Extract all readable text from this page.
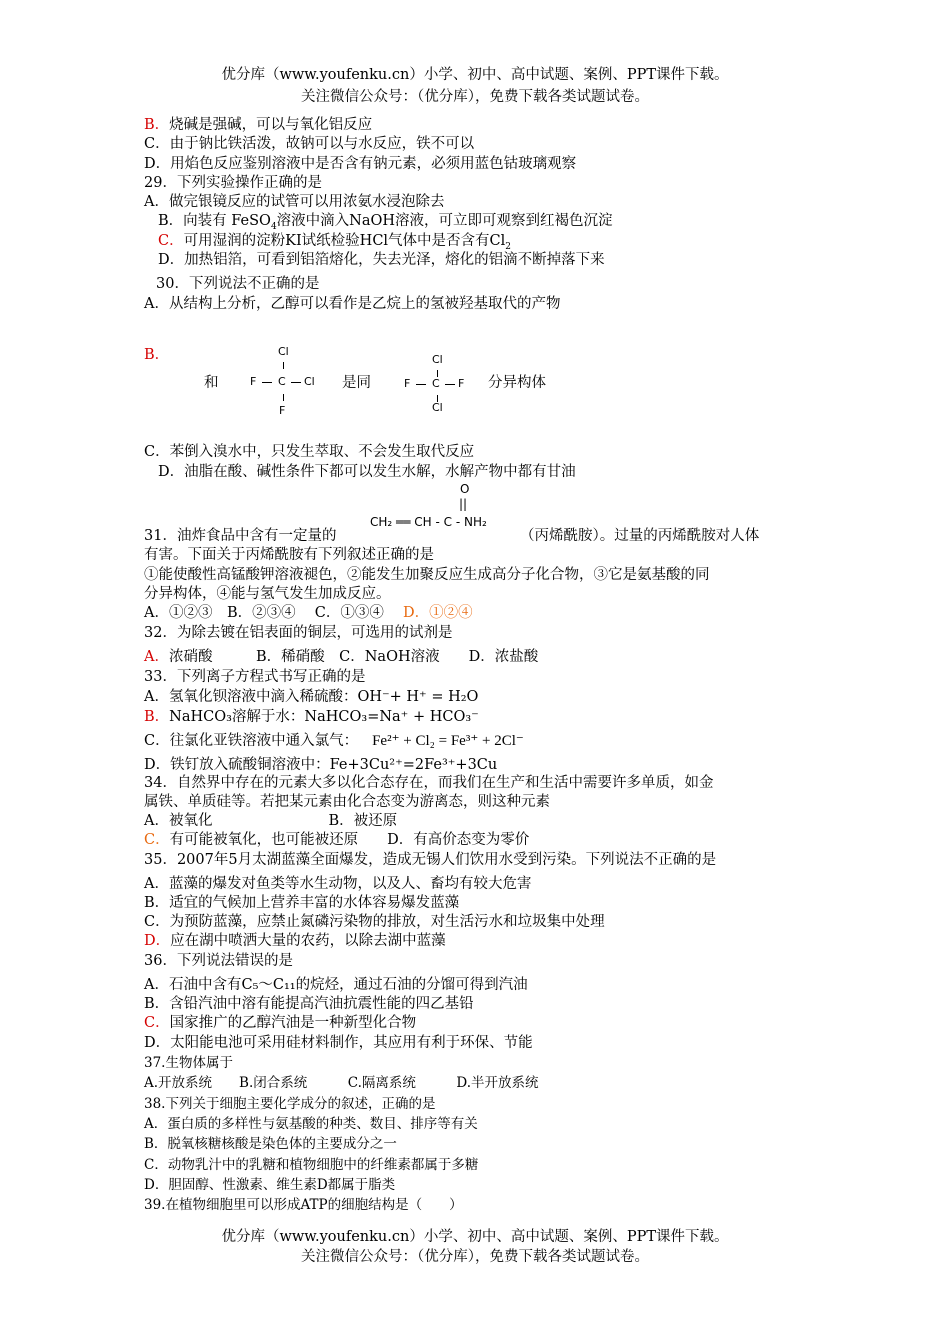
优分库（www.youfenku.cn）小学、初中、高中试题、案例、PPT课件下载。
关注微信公众号：（优分库），免费下载各类试题试卷。
B．烧碱是强碱，可以与氧化铝反应
C．由于钠比铁活泼，故钠可以与水反应，铁不可以
D．用焰色反应鉴别溶液中是否含有钠元素，必须用蓝色钴玻璃观察
29．下列实验操作正确的是
A．做完银镜反应的试管可以用浓氨水浸泡除去
B．向装有 FeSO$_4$溶液中滴入NaOH溶液，可立即可观察到红褐色沉淀
C．可用湿润的淀粉KI试纸检验HCl气体中是否含有$Cl_2$
D．加热铝箔，可看到铝箔熔化，失去光泽，熔化的铝滴不断掉落下来
30．下列说法不正确的是
A．从结构上分析，乙醇可以看作是乙烷上的氢被羟基取代的产物
B．
和
Cl
F C Cl
F
是同
Cl
F C F
Cl
分异构体
C．苯倒入溴水中，只发生萃取、不会发生取代反应
D．油脂在酸、碱性条件下都可以发生水解，水解产物中都有甘油
O
||
CH₂ ══ CH - C - NH₂
31．油炸食品中含有一定量的	（丙烯酰胺）。过量的丙烯酰胺对人体
有害。下面关于丙烯酰胺有下列叙述正确的是
①能使酸性高锰酸钾溶液褪色，②能发生加聚反应生成高分子化合物，③它是氨基酸的同
分异构体，④能与氢气发生加成反应。
A．①②③　B．②③④　 C．①③④　 D．①②④
32．为除去镀在铝表面的铜层，可选用的试剂是
A．浓硝酸　　　B．稀硝酸　C．NaOH溶液　　D．浓盐酸
33．下列离子方程式书写正确的是
A．氢氧化钡溶液中滴入稀硫酸：OH⁻+ H⁺ = H₂O
B．NaHCO₃溶解于水：NaHCO₃=Na⁺ + HCO₃⁻
C．往氯化亚铁溶液中通入氯气： Fe²⁺ + Cl₂ = Fe³⁺ + 2Cl⁻
D．铁钉放入硫酸铜溶液中：Fe+3Cu²⁺=2Fe³⁺+3Cu
34．自然界中存在的元素大多以化合态存在，而我们在生产和生活中需要许多单质，如金
属铁、单质硅等。若把某元素由化合态变为游离态，则这种元素
A．被氧化　　　　　　　　B．被还原
C．有可能被氧化，也可能被还原　　D．有高价态变为零价
35．2007年5月太湖蓝藻全面爆发，造成无锡人们饮用水受到污染。下列说法不正确的是
A．蓝藻的爆发对鱼类等水生动物，以及人、畜均有较大危害
B．适宜的气候加上营养丰富的水体容易爆发蓝藻
C．为预防蓝藻，应禁止氮磷污染物的排放，对生活污水和垃圾集中处理
D．应在湖中喷洒大量的农药，以除去湖中蓝藻
36．下列说法错误的是
A．石油中含有C₅～C₁₁的烷烃，通过石油的分馏可得到汽油
B．含铅汽油中溶有能提高汽油抗震性能的四乙基铅
C．国家推广的乙醇汽油是一种新型化合物
D．太阳能电池可采用硅材料制作，其应用有利于环保、节能
37.生物体属于
A.开放系统　　B.闭合系统　　　C.隔离系统　　　D.半开放系统
38.下列关于细胞主要化学成分的叙述，正确的是
A．蛋白质的多样性与氨基酸的种类、数目、排序等有关
B．脱氧核糖核酸是染色体的主要成分之一
C．动物乳汁中的乳糖和植物细胞中的纤维素都属于多糖
D．胆固醇、性激素、维生素D都属于脂类
39.在植物细胞里可以形成ATP的细胞结构是（　　）
优分库（www.youfenku.cn）小学、初中、高中试题、案例、PPT课件下载。
关注微信公众号：（优分库），免费下载各类试题试卷。
